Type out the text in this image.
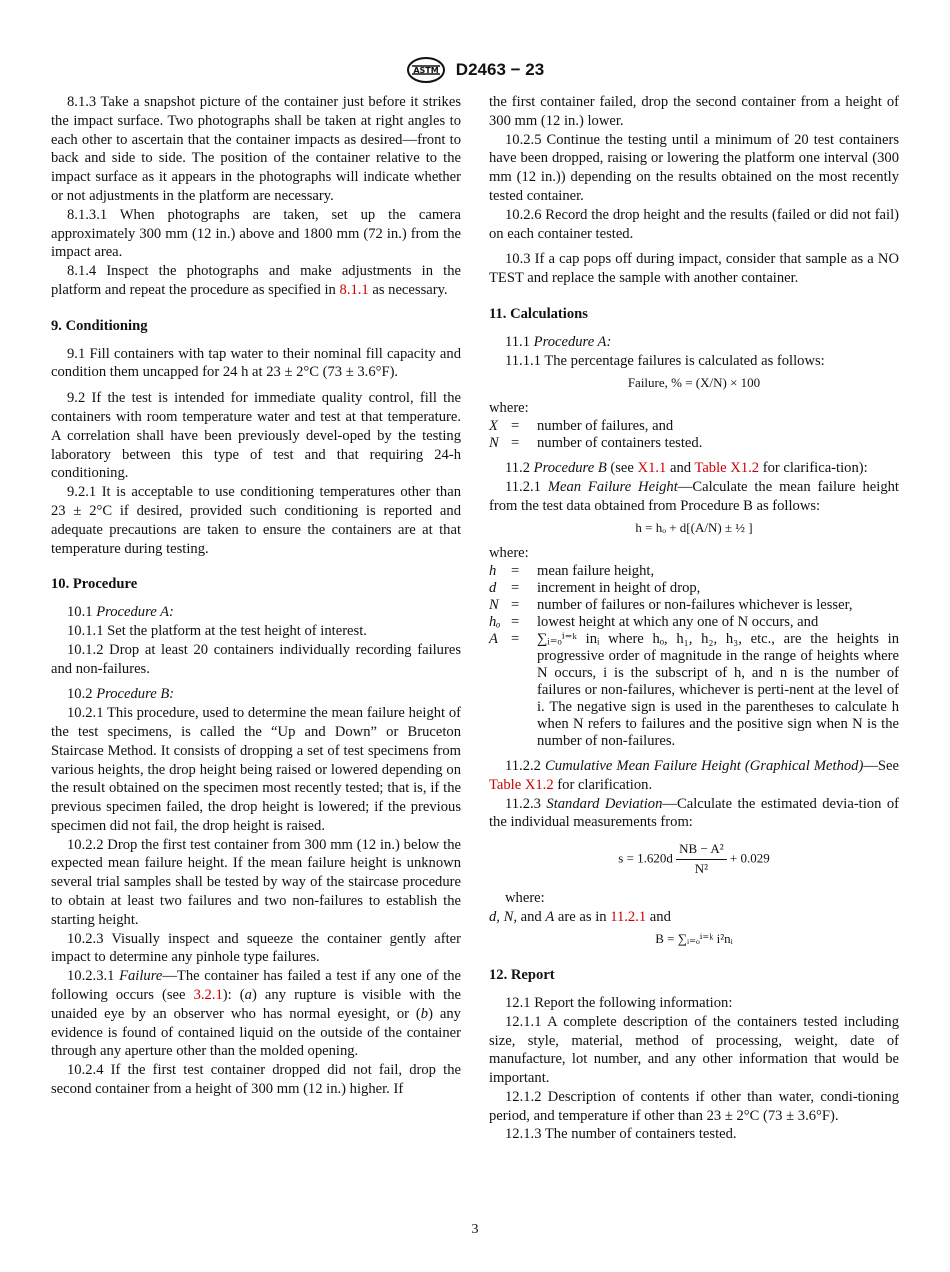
ASTM D2463 − 23

8.1.3 Take a snapshot picture of the container just before it strikes the impact surface. Two photographs shall be taken at right angles to each other to ascertain that the container impacts as desired—front to back and side to side. The position of the container relative to the impact surface as it appears in the photographs will indicate whether or not adjustments in the platform are necessary.

8.1.3.1 When photographs are taken, set up the camera approximately 300 mm (12 in.) above and 1800 mm (72 in.) from the impact area.

8.1.4 Inspect the photographs and make adjustments in the platform and repeat the procedure as specified in 8.1.1 as necessary.

9. Conditioning

9.1 Fill containers with tap water to their nominal fill capacity and condition them uncapped for 24 h at 23 ± 2°C (73 ± 3.6°F).

9.2 If the test is intended for immediate quality control, fill the containers with room temperature water and test at that temperature. A correlation shall have been previously devel-oped by the testing laboratory between this type of test and that requiring 24-h conditioning.

9.2.1 It is acceptable to use conditioning temperatures other than 23 ± 2°C if desired, provided such conditioning is reported and adequate precautions are taken to ensure the containers are at that temperature during testing.

10. Procedure

10.1 Procedure A:

10.1.1 Set the platform at the test height of interest.

10.1.2 Drop at least 20 containers individually recording failures and non-failures.

10.2 Procedure B:

10.2.1 This procedure, used to determine the mean failure height of the test specimens, is called the “Up and Down” or Bruceton Staircase Method. It consists of dropping a set of test specimens from various heights, the drop height being raised or lowered depending on the result obtained on the specimen most recently tested; that is, if the previous specimen failed, the drop height is lowered; if the previous specimen did not fail, the drop height is raised.

10.2.2 Drop the first test container from 300 mm (12 in.) below the expected mean failure height. If the mean failure height is unknown several trial samples shall be tested by way of the staircase procedure to obtain at least two failures and two non-failures to establish the starting height.

10.2.3 Visually inspect and squeeze the container gently after impact to determine any pinhole type failures.

10.2.3.1 Failure—The container has failed a test if any one of the following occurs (see 3.2.1): (a) any rupture is visible with the unaided eye by an observer who has normal eyesight, or (b) any evidence is found of contained liquid on the outside of the container through any aperture other than the molded opening.

10.2.4 If the first test container dropped did not fail, drop the second container from a height of 300 mm (12 in.) higher. If

the first container failed, drop the second container from a height of 300 mm (12 in.) lower.

10.2.5 Continue the testing until a minimum of 20 test containers have been dropped, raising or lowering the platform one interval (300 mm (12 in.)) depending on the results obtained on the most recently tested container.

10.2.6 Record the drop height and the results (failed or did not fail) on each container tested.

10.3 If a cap pops off during impact, consider that sample as a NO TEST and replace the sample with another container.

11. Calculations

11.1 Procedure A:

11.1.1 The percentage failures is calculated as follows:

Failure, % = (X/N) × 100

where:

X	=	number of failures, and
N	=	number of containers tested.

11.2 Procedure B (see X1.1 and Table X1.2 for clarifica-tion):

11.2.1 Mean Failure Height—Calculate the mean failure height from the test data obtained from Procedure B as follows:

h = hₒ + d[(A/N) ± ½ ]

where:

h	=	mean failure height,
d	=	increment in height of drop,
N	=	number of failures or non-failures whichever is lesser,
hₒ	=	lowest height at which any one of N occurs, and
A	=	∑ᵢ₌ₒⁱ⁼ᵏ inᵢ where hₒ, h₁, h₂, h₃, etc., are the heights in progressive order of magnitude in the range of heights where N occurs, i is the subscript of h, and n is the number of failures or non-failures, whichever is perti-nent at the level of i. The negative sign is used in the parentheses to calculate h when N refers to failures and the positive sign when N is the number of non-failures.

11.2.2 Cumulative Mean Failure Height (Graphical Method)—See Table X1.2 for clarification.

11.2.3 Standard Deviation—Calculate the estimated devia-tion of the individual measurements from:

$s = 1.620d \frac{\text{NB − A²}}{\text{N²}} + 0.029$

where:

d, N, and A are as in 11.2.1 and

B = ∑ᵢ₌ₒⁱ⁼ᵏ i²nᵢ
12. Report

12.1 Report the following information:

12.1.1 A complete description of the containers tested including size, style, material, method of processing, weight, date of manufacture, lot number, and any other information that would be important.

12.1.2 Description of contents if other than water, condi-tioning period, and temperature if other than 23 ± 2°C (73 ± 3.6°F).

12.1.3 The number of containers tested.

3
